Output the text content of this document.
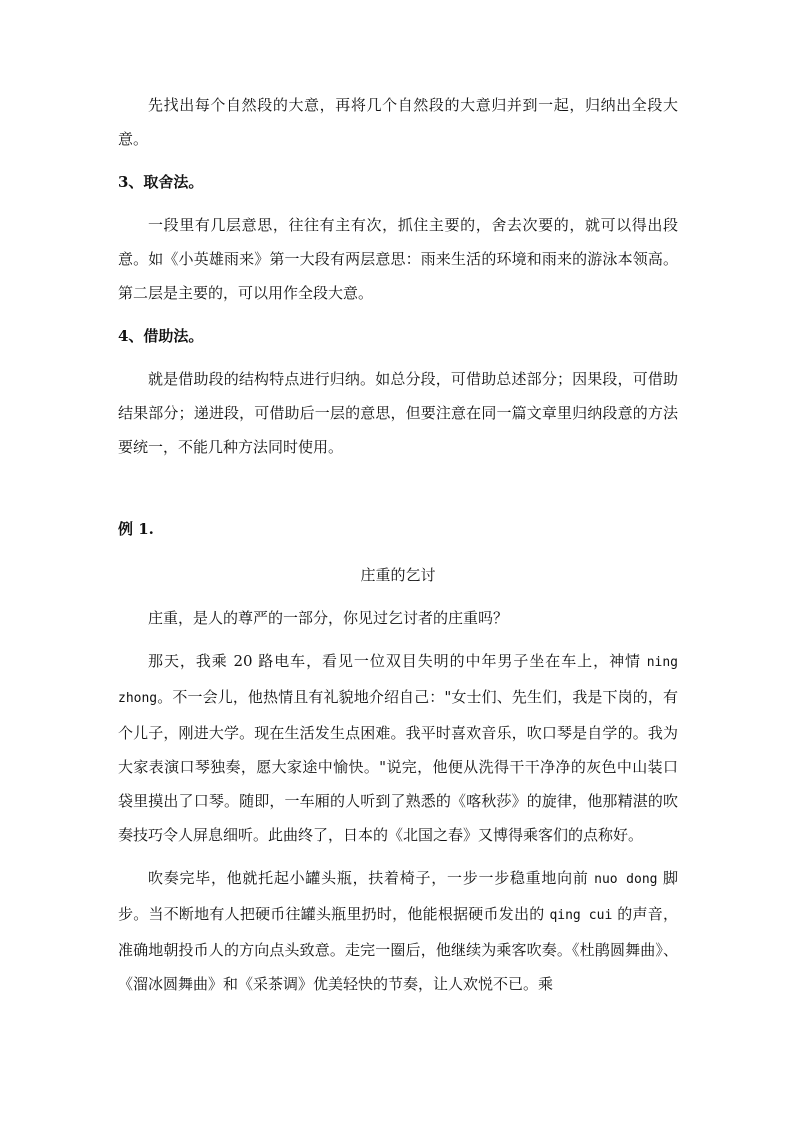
先找出每个自然段的大意，再将几个自然段的大意归并到一起，归纳出全段大意。

3、取舍法。

一段里有几层意思，往往有主有次，抓住主要的，舍去次要的，就可以得出段意。如《小英雄雨来》第一大段有两层意思：雨来生活的环境和雨来的游泳本领高。第二层是主要的，可以用作全段大意。

4、借助法。

就是借助段的结构特点进行归纳。如总分段，可借助总述部分；因果段，可借助结果部分；递进段，可借助后一层的意思，但要注意在同一篇文章里归纳段意的方法要统一，不能几种方法同时使用。

例 1.

庄重的乞讨

庄重，是人的尊严的一部分，你见过乞讨者的庄重吗？

那天，我乘 20 路电车，看见一位双目失明的中年男子坐在车上，神情 ning zhong。不一会儿，他热情且有礼貌地介绍自己："女士们、先生们，我是下岗的，有个儿子，刚进大学。现在生活发生点困难。我平时喜欢音乐，吹口琴是自学的。我为大家表演口琴独奏，愿大家途中愉快。"说完，他便从洗得干干净净的灰色中山装口袋里摸出了口琴。随即，一车厢的人听到了熟悉的《喀秋莎》的旋律，他那精湛的吹奏技巧令人屏息细听。此曲终了，日本的《北国之春》又博得乘客们的点称好。

吹奏完毕，他就托起小罐头瓶，扶着椅子，一步一步稳重地向前 nuo dong 脚步。当不断地有人把硬币往罐头瓶里扔时，他能根据硬币发出的 qing cui 的声音，准确地朝投币人的方向点头致意。走完一圈后，他继续为乘客吹奏。《杜鹃圆舞曲》、《溜冰圆舞曲》和《采茶调》优美轻快的节奏，让人欢悦不已。乘
